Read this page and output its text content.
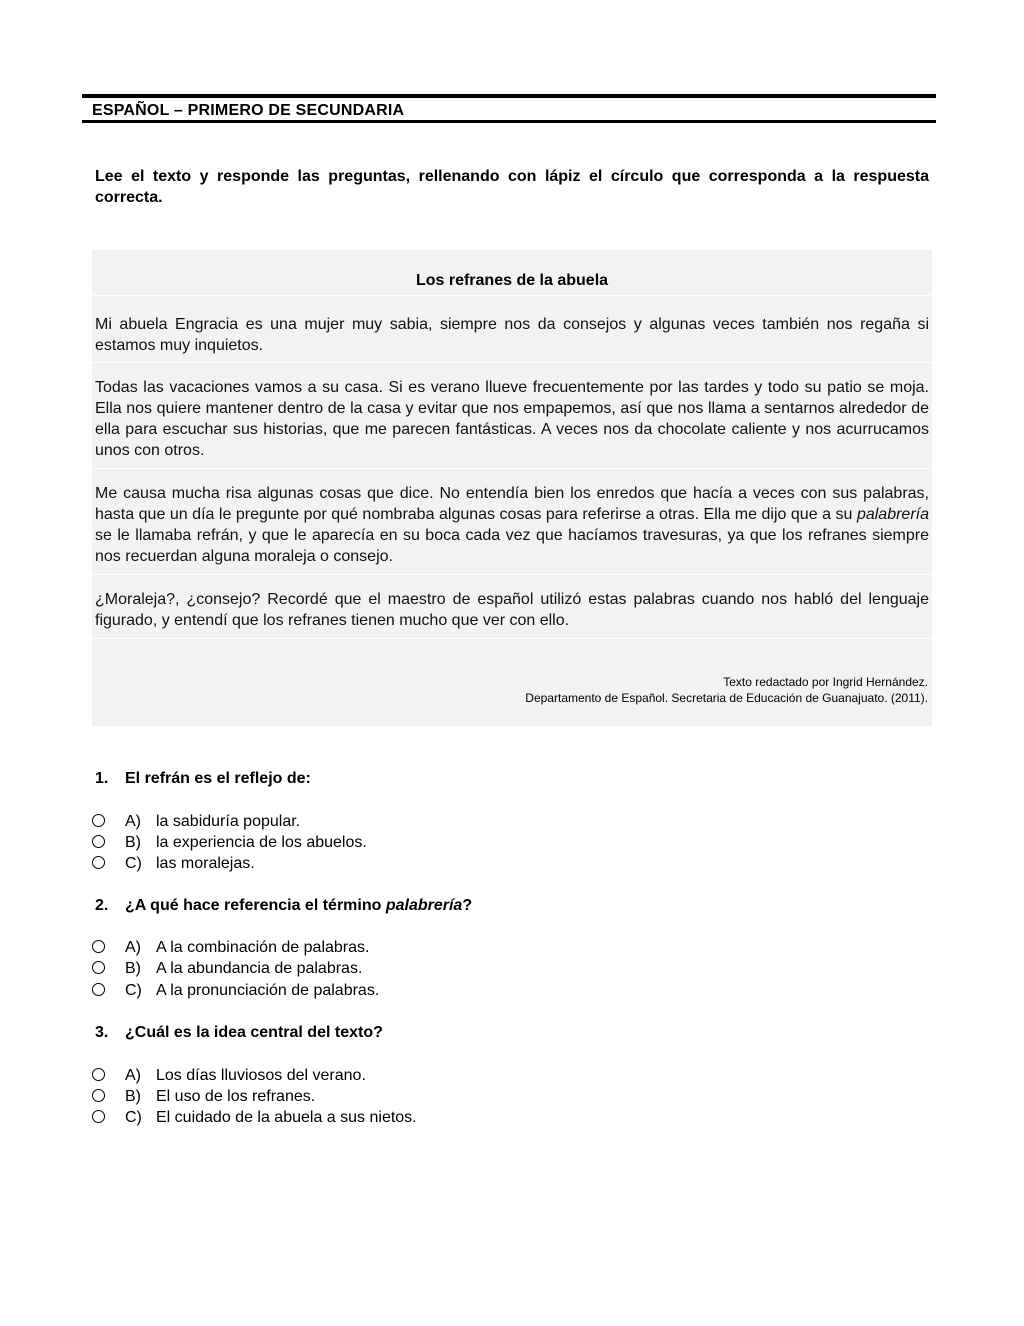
ESPAÑOL – PRIMERO DE SECUNDARIA
Lee el texto y responde las preguntas, rellenando con lápiz el círculo que corresponda a la respuesta correcta.
Los refranes de la abuela
Mi abuela Engracia es una mujer muy sabia, siempre nos da consejos y algunas veces también nos regaña si estamos muy inquietos.
Todas las vacaciones vamos a su casa. Si es verano llueve frecuentemente por las tardes y todo su patio se moja. Ella nos quiere mantener dentro de la casa y evitar que nos empapemos, así que nos llama a sentarnos alrededor de ella para escuchar sus historias, que me parecen fantásticas. A veces nos da chocolate caliente y nos acurrucamos unos con otros.
Me causa mucha risa algunas cosas que dice. No entendía bien los enredos que hacía a veces con sus palabras, hasta que un día le pregunte por qué nombraba algunas cosas para referirse a otras. Ella me dijo que a su palabrería se le llamaba refrán, y que le aparecía en su boca cada vez que hacíamos travesuras, ya que los refranes siempre nos recuerdan alguna moraleja o consejo.
¿Moraleja?, ¿consejo? Recordé que el maestro de español utilizó estas palabras cuando nos habló del lenguaje figurado, y entendí que los refranes tienen mucho que ver con ello.
Texto redactado por Ingrid Hernández.
Departamento de Español. Secretaria de Educación de Guanajuato. (2011).
1. El refrán es el reflejo de:
A) la sabiduría popular.
B) la experiencia de los abuelos.
C) las moralejas.
2. ¿A qué hace referencia el término palabrería?
A) A la combinación de palabras.
B) A la abundancia de palabras.
C) A la pronunciación de palabras.
3. ¿Cuál es la idea central del texto?
A) Los días lluviosos del verano.
B) El uso de los refranes.
C) El cuidado de la abuela a sus nietos.
